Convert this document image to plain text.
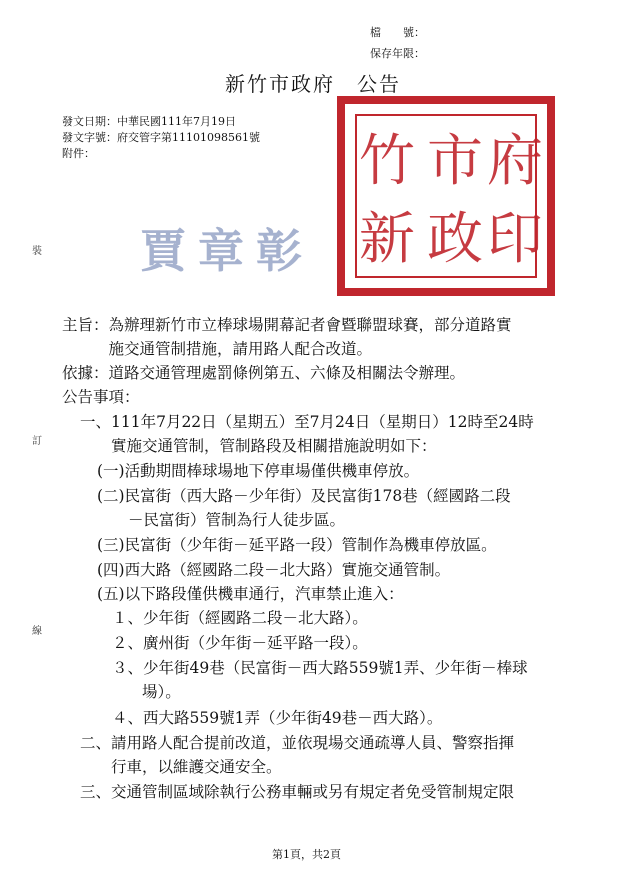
檔　　號：
保存年限：
新竹市政府　公告
發文日期：中華民國111年7月19日
發文字號：府交管字第11101098561號
附件：
裝
訂
線
賈章彰 新
竹 市
政
府
印
主旨：為辦理新竹市立棒球場開幕記者會暨聯盟球賽，部分道路實
　　　施交通管制措施，請用路人配合改道。
依據：道路交通管理處罰條例第五、六條及相關法令辦理。
公告事項：
一、111年7月22日（星期五）至7月24日（星期日）12時至24時
實施交通管制，管制路段及相關措施說明如下：
(一)活動期間棒球場地下停車場僅供機車停放。
(二)民富街（西大路－少年街）及民富街178巷（經國路二段
－民富街）管制為行人徒步區。
(三)民富街（少年街－延平路一段）管制作為機車停放區。
(四)西大路（經國路二段－北大路）實施交通管制。
(五)以下路段僅供機車通行，汽車禁止進入：
１、少年街（經國路二段－北大路）。
２、廣州街（少年街－延平路一段）。
３、少年街49巷（民富街－西大路559號1弄、少年街－棒球
場）。
４、西大路559號1弄（少年街49巷－西大路）。
二、請用路人配合提前改道，並依現場交通疏導人員、警察指揮
行車，以維護交通安全。
三、交通管制區域除執行公務車輛或另有規定者免受管制規定限
第1頁，共2頁
